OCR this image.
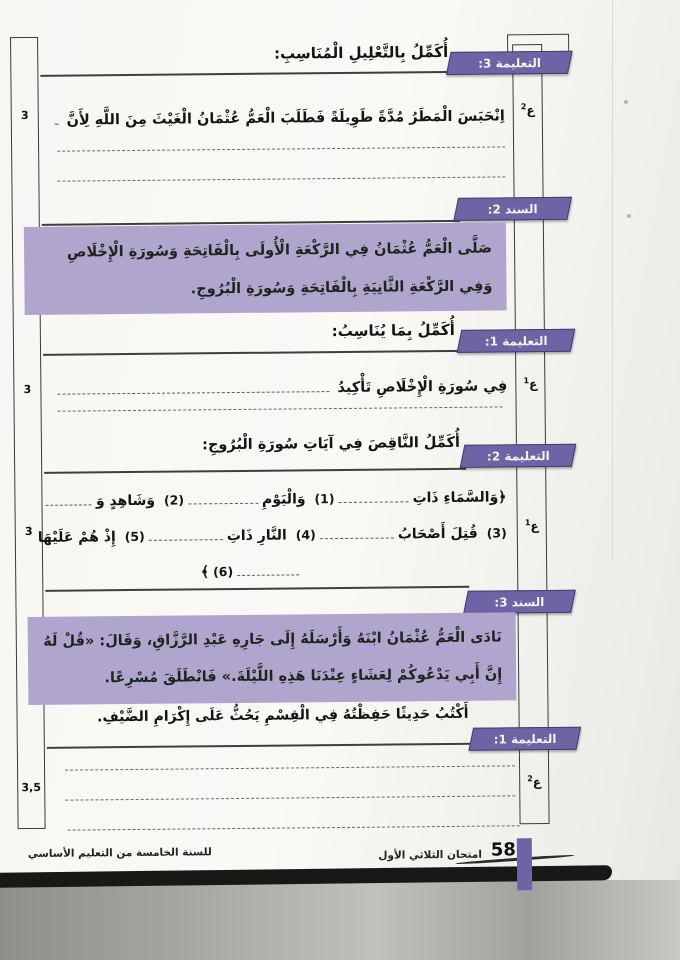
3
3
3
3,5
ع$^2$
ع$^1$
ع$^1$
ع$^2$
أُكَمِّلُ بِالتَّعْلِيلِ الْمُنَاسِبِ:
التعليمة 3:
اِنْحَبَسَ الْمَطَرُ مُدَّةً طَوِيلَةً فَطَلَبَ الْعَمُّ عُثْمَانُ الْغَيْثَ مِنَ اللَّهِ لِأَنَّ
السند 2:
صَلَّى الْعَمُّ عُثْمَانُ فِي الرَّكْعَةِ الْأُولَى بِالْفَاتِحَةِ وَسُورَةِ الْإِخْلَاصِ وَفِي الرَّكْعَةِ الثَّانِيَةِ بِالْفَاتِحَةِ وَسُورَةِ الْبُرُوجِ.
أُكَمِّلُ بِمَا يُنَاسِبُ:
التعليمة 1:
فِي سُورَةِ الْإِخْلَاصِ تَأْكِيدُ
أُكَمِّلُ النَّاقِصَ فِي آيَاتِ سُورَةِ الْبُرُوجِ:
التعليمة 2:
﴿وَالسَّمَاءِ ذَاتِ(1) وَالْيَوْمِ(2) وَشَاهِدٍ وَ
(3) قُتِلَ أَصْحَابُ(4) النَّارِ ذَاتِ(5) إِذْ هُمْ عَلَيْهَا
(6)﴾
السند 3:
نَادَى الْعَمُّ عُثْمَانُ ابْنَهُ وَأَرْسَلَهُ إِلَى جَارِهِ عَبْدِ الرَّزَّاقِ، وَقَالَ: «قُلْ لَهُ إِنَّ أَبِي يَدْعُوكُمْ لِعَشَاءٍ عِنْدَنَا هَذِهِ اللَّيْلَةَ.» فَانْطَلَقَ مُسْرِعًا.
أَكْتُبُ حَدِيثًا حَفِظْتُهُ فِي الْقِسْمِ يَحُثُّ عَلَى إِكْرَامِ الضَّيْفِ.
التعليمة 1:
للسنة الخامسة من التعليم الأساسي	امتحان الثلاثي الأول 58
